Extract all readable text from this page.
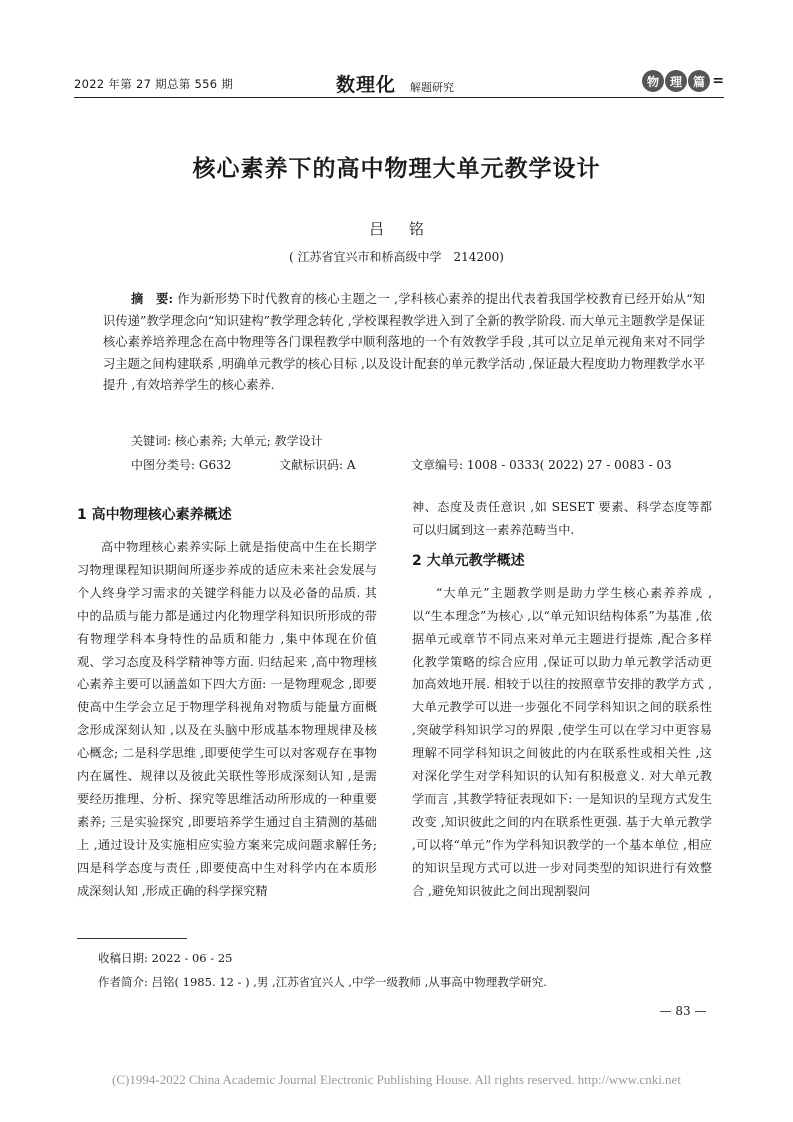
2022 年第 27 期总第 556 期	数理化 解题研究	物 理 篇 =
核心素养下的高中物理大单元教学设计
吕 铭
( 江苏省宜兴市和桥高级中学　214200)

摘　要: 作为新形势下时代教育的核心主题之一 ,学科核心素养的提出代表着我国学校教育已经开始从“知识传递”教学理念向“知识建构”教学理念转化 ,学校课程教学进入到了全新的教学阶段. 而大单元主题教学是保证核心素养培养理念在高中物理等各门课程教学中顺利落地的一个有效教学手段 ,其可以立足单元视角来对不同学习主题之间构建联系 ,明确单元教学的核心目标 ,以及设计配套的单元教学活动 ,保证最大程度助力物理教学水平提升 ,有效培养学生的核心素养.

关键词: 核心素养; 大单元; 教学设计
中图分类号: G632	文献标识码: A	文章编号: 1008 - 0333( 2022) 27 - 0083 - 03
1 高中物理核心素养概述

高中物理核心素养实际上就是指使高中生在长期学习物理课程知识期间所逐步养成的适应未来社会发展与个人终身学习需求的关键学科能力以及必备的品质. 其中的品质与能力都是通过内化物理学科知识所形成的带有物理学科本身特性的品质和能力 ,集中体现在价值观、学习态度及科学精神等方面. 归结起来 ,高中物理核心素养主要可以涵盖如下四大方面: 一是物理观念 ,即要使高中生学会立足于物理学科视角对物质与能量方面概念形成深刻认知 ,以及在头脑中形成基本物理规律及核心概念; 二是科学思维 ,即要使学生可以对客观存在事物内在属性、规律以及彼此关联性等形成深刻认知 ,是需要经历推理、分析、探究等思维活动所形成的一种重要素养; 三是实验探究 ,即要培养学生通过自主猜测的基础上 ,通过设计及实施相应实验方案来完成问题求解任务; 四是科学态度与责任 ,即要使高中生对科学内在本质形成深刻认知 ,形成正确的科学探究精

神、态度及责任意识 ,如 SESET 要素、科学态度等都可以归属到这一素养范畴当中.

2 大单元教学概述

“大单元”主题教学则是助力学生核心素养养成 ,以“生本理念”为核心 ,以“单元知识结构体系”为基准 ,依据单元或章节不同点来对单元主题进行提炼 ,配合多样化教学策略的综合应用 ,保证可以助力单元教学活动更加高效地开展. 相较于以往的按照章节安排的教学方式 ,大单元教学可以进一步强化不同学科知识之间的联系性 ,突破学科知识学习的界限 ,使学生可以在学习中更容易理解不同学科知识之间彼此的内在联系性或相关性 ,这对深化学生对学科知识的认知有积极意义. 对大单元教学而言 ,其教学特征表现如下: 一是知识的呈现方式发生改变 ,知识彼此之间的内在联系性更强. 基于大单元教学 ,可以将“单元”作为学科知识教学的一个基本单位 ,相应的知识呈现方式可以进一步对同类型的知识进行有效整合 ,避免知识彼此之间出现割裂问

收稿日期: 2022 - 06 - 25
作者简介: 吕铭( 1985. 12 - ) ,男 ,江苏省宜兴人 ,中学一级教师 ,从事高中物理教学研究.
— 83 —
(C)1994-2022 China Academic Journal Electronic Publishing House. All rights reserved. http://www.cnki.net
